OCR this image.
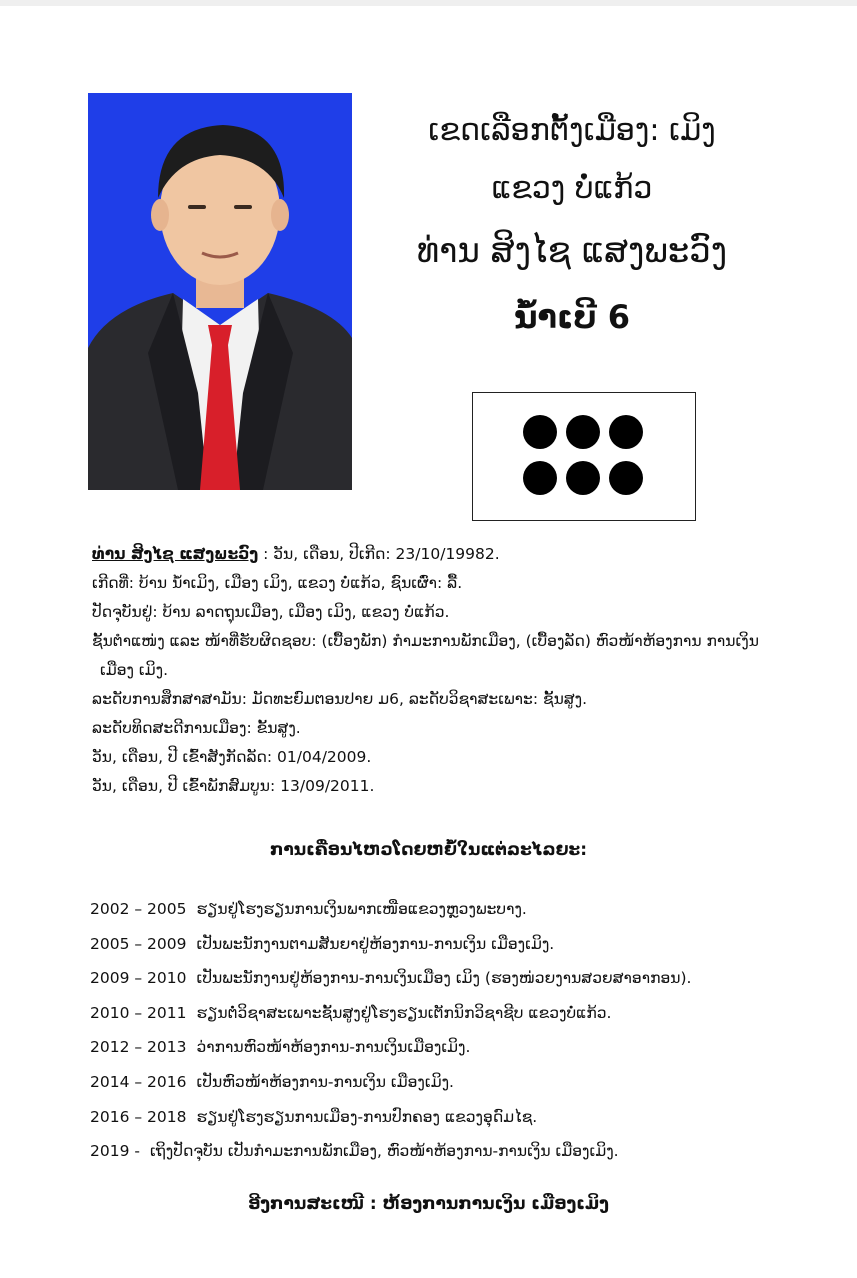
ເຂດເລືອກຕັ້ງເມືອງ: ເມິງ
ແຂວງ ບໍ່ແກ້ວ
ທ່ານ ສິງໄຊ ແສງພະວົງ
ນໍ້າເບີ 6
ທ່ານ ສິງໄຊ ແສງພະວົງ : ວັນ, ເດືອນ, ປີເກີດ: 23/10/19982.
ເກີດທີ່: ບ້ານ ນ້ຳເມິງ, ເມືອງ ເມິງ, ແຂວງ ບໍ່ແກ້ວ, ຊົນເຜົ່າ: ລື້.
ປັດຈຸບັນຢູ່: ບ້ານ ລາດຖຸນເມືອງ, ເມືອງ ເມິງ, ແຂວງ ບໍ່ແກ້ວ.
ຊັ້ນຕຳແໜ່ງ ແລະ ໜ້າທີ່ຮັບຜິດຊອບ: (ເບື້ອງພັກ) ກຳມະການພັກເມືອງ, (ເບື້ອງລັດ) ຫົວໜ້າຫ້ອງການ ການເງິນ
ເມືອງ ເມິງ.
ລະດັບການສຶກສາສາມັນ: ມັດທະຍົມຕອນປາຍ ມ6, ລະດັບວິຊາສະເພາະ: ຊັ້ນສູງ.
ລະດັບທິດສະດີການເມືອງ: ຂັ້ນສູງ.
ວັນ, ເດືອນ, ປີ ເຂົ້າສັງກັດລັດ: 01/04/2009.
ວັນ, ເດືອນ, ປີ ເຂົ້າພັກສົມບູນ: 13/09/2011.
ການເຄື່ອນໄຫວໂດຍຫຍໍ້ໃນແຕ່ລະໄລຍະ:
2002 – 2005 ຮຽນຢູ່ໂຮງຮຽນການເງິນພາກເໜືອແຂວງຫຼວງພະບາງ.
2005 – 2009 ເປັນພະນັກງານຕາມສັນຍາຢູ່ຫ້ອງການ-ການເງິນ ເມືອງເມິງ.
2009 – 2010 ເປັນພະນັກງານຢູ່ຫ້ອງການ-ການເງິນເມືອງ ເມິງ (ຮອງໜ່ວຍງານສວຍສາອາກອນ).
2010 – 2011 ຮຽນຕໍ່ວິຊາສະເພາະຊັ້ນສູງຢູ່ໂຮງຮຽນເຕັກນິກວິຊາຊີບ ແຂວງບໍ່ແກ້ວ.
2012 – 2013 ວ່າການຫົວໜ້າຫ້ອງການ-ການເງິນເມືອງເມິງ.
2014 – 2016 ເປັນຫົວໜ້າຫ້ອງການ-ການເງິນ ເມືອງເມິງ.
2016 – 2018 ຮຽນຢູ່ໂຮງຮຽນການເມືອງ-ການປົກຄອງ ແຂວງອຸດົມໄຊ.
2019 - ເຖິງປັດຈຸບັນ ເປັນກຳມະການພັກເມືອງ, ຫົວໜ້າຫ້ອງການ-ການເງິນ ເມືອງເມິງ.
ອີງການສະເໜີ : ຫ້ອງການການເງິນ ເມືອງເມິງ
